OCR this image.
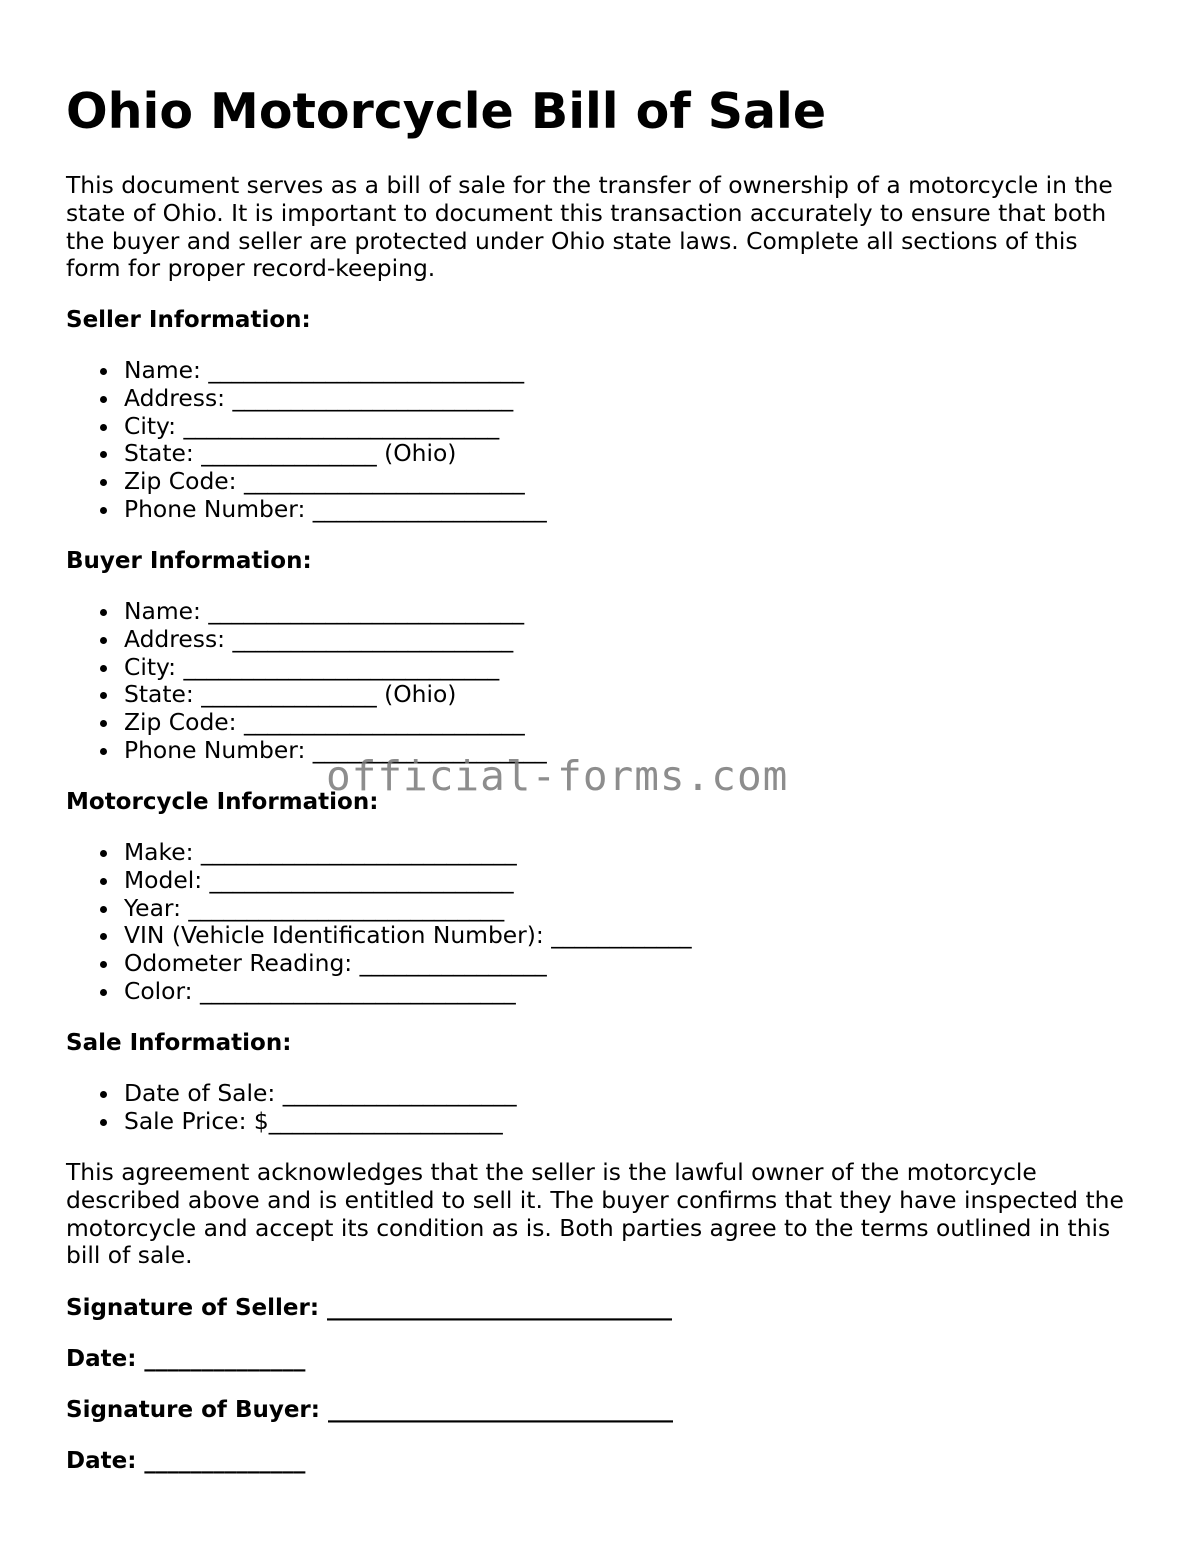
Ohio Motorcycle Bill of Sale

This document serves as a bill of sale for the transfer of ownership of a motorcycle in the state of Ohio. It is important to document this transaction accurately to ensure that both the buyer and seller are protected under Ohio state laws. Complete all sections of this form for proper record-keeping.

Seller Information:
Name: ___________________________
Address: ________________________
City: ___________________________
State: _______________ (Ohio)
Zip Code: ________________________
Phone Number: ____________________
Buyer Information:
Name: ___________________________
Address: ________________________
City: ___________________________
State: _______________ (Ohio)
Zip Code: ________________________
Phone Number: ____________________
Motorcycle Information:
Make: ___________________________
Model: __________________________
Year: ___________________________
VIN (Vehicle Identification Number): ____________
Odometer Reading: ________________
Color: ___________________________
Sale Information:
Date of Sale: ____________________
Sale Price: $____________________

This agreement acknowledges that the seller is the lawful owner of the motorcycle described above and is entitled to sell it. The buyer confirms that they have inspected the motorcycle and accept its condition as is. Both parties agree to the terms outlined in this bill of sale.

Signature of Seller: ______________________________
Date: ______________
Signature of Buyer: ______________________________
Date: ______________
official-forms.com
